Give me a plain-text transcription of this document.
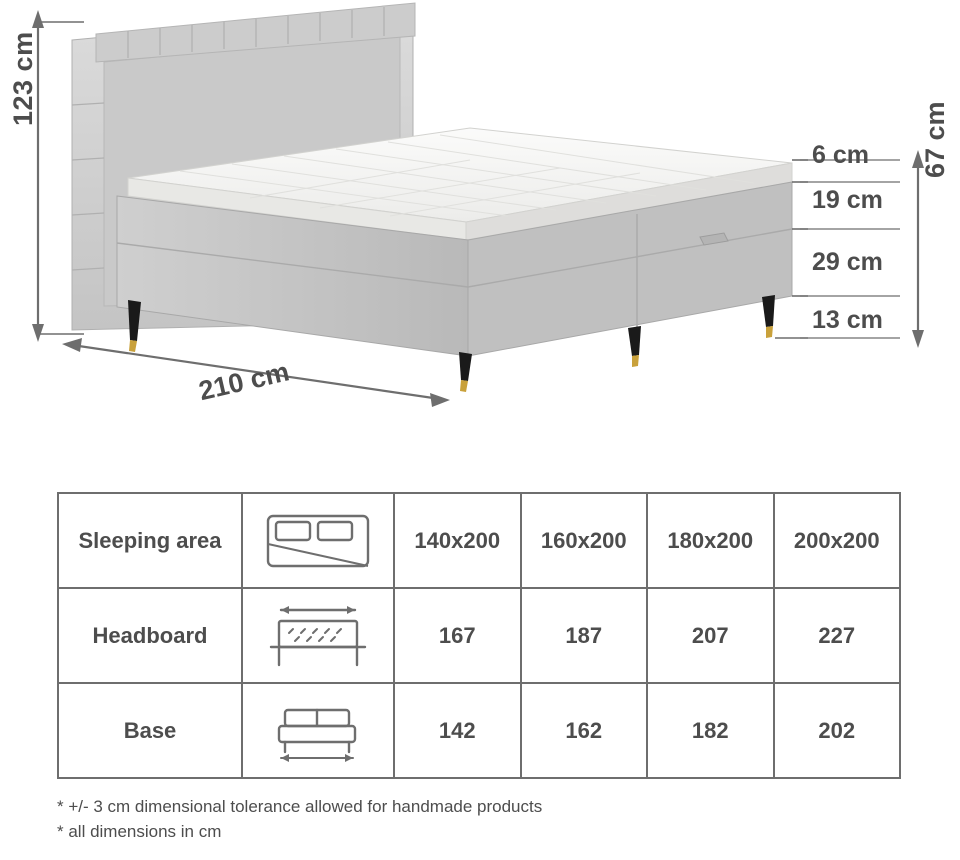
123 cm
210 cm
67 cm
6 cm
19 cm
29 cm
13 cm
Sleeping area		140x200	160x200	180x200	200x200
Headboard		167	187	207	227
Base		142	162	182	202
* +/- 3 cm dimensional tolerance allowed for handmade products
* all dimensions in cm
